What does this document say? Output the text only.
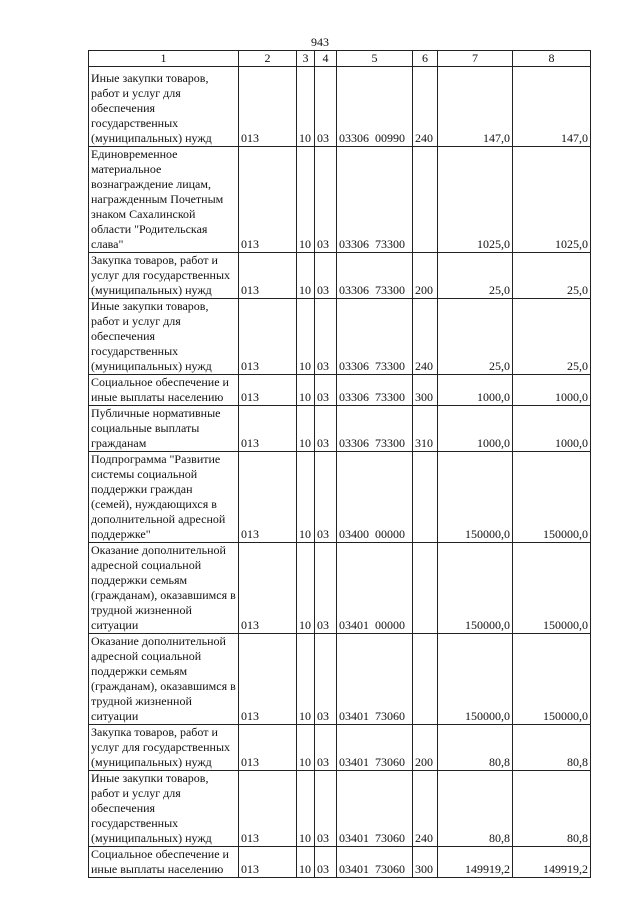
943
1	2	3	4	5	6	7	8
Иные закупки товаров, работ и услуг для обеспечения государственных (муниципальных) нужд	013	10	03	03306 00990	240	147,0	147,0
Единовременное материальное вознаграждение лицам, награжденным Почетным знаком Сахалинской области "Родительская слава"	013	10	03	03306 73300		1025,0	1025,0
Закупка товаров, работ и услуг для государственных (муниципальных) нужд	013	10	03	03306 73300	200	25,0	25,0
Иные закупки товаров, работ и услуг для обеспечения государственных (муниципальных) нужд	013	10	03	03306 73300	240	25,0	25,0
Социальное обеспечение и иные выплаты населению	013	10	03	03306 73300	300	1000,0	1000,0
Публичные нормативные социальные выплаты гражданам	013	10	03	03306 73300	310	1000,0	1000,0
Подпрограмма "Развитие системы социальной поддержки граждан (семей), нуждающихся в дополнительной адресной поддержке"	013	10	03	03400 00000		150000,0	150000,0
Оказание дополнительной адресной социальной поддержки семьям (гражданам), оказавшимся в трудной жизненной ситуации	013	10	03	03401 00000		150000,0	150000,0
Оказание дополнительной адресной социальной поддержки семьям (гражданам), оказавшимся в трудной жизненной ситуации	013	10	03	03401 73060		150000,0	150000,0
Закупка товаров, работ и услуг для государственных (муниципальных) нужд	013	10	03	03401 73060	200	80,8	80,8
Иные закупки товаров, работ и услуг для обеспечения государственных (муниципальных) нужд	013	10	03	03401 73060	240	80,8	80,8
Социальное обеспечение и иные выплаты населению	013	10	03	03401 73060	300	149919,2	149919,2
